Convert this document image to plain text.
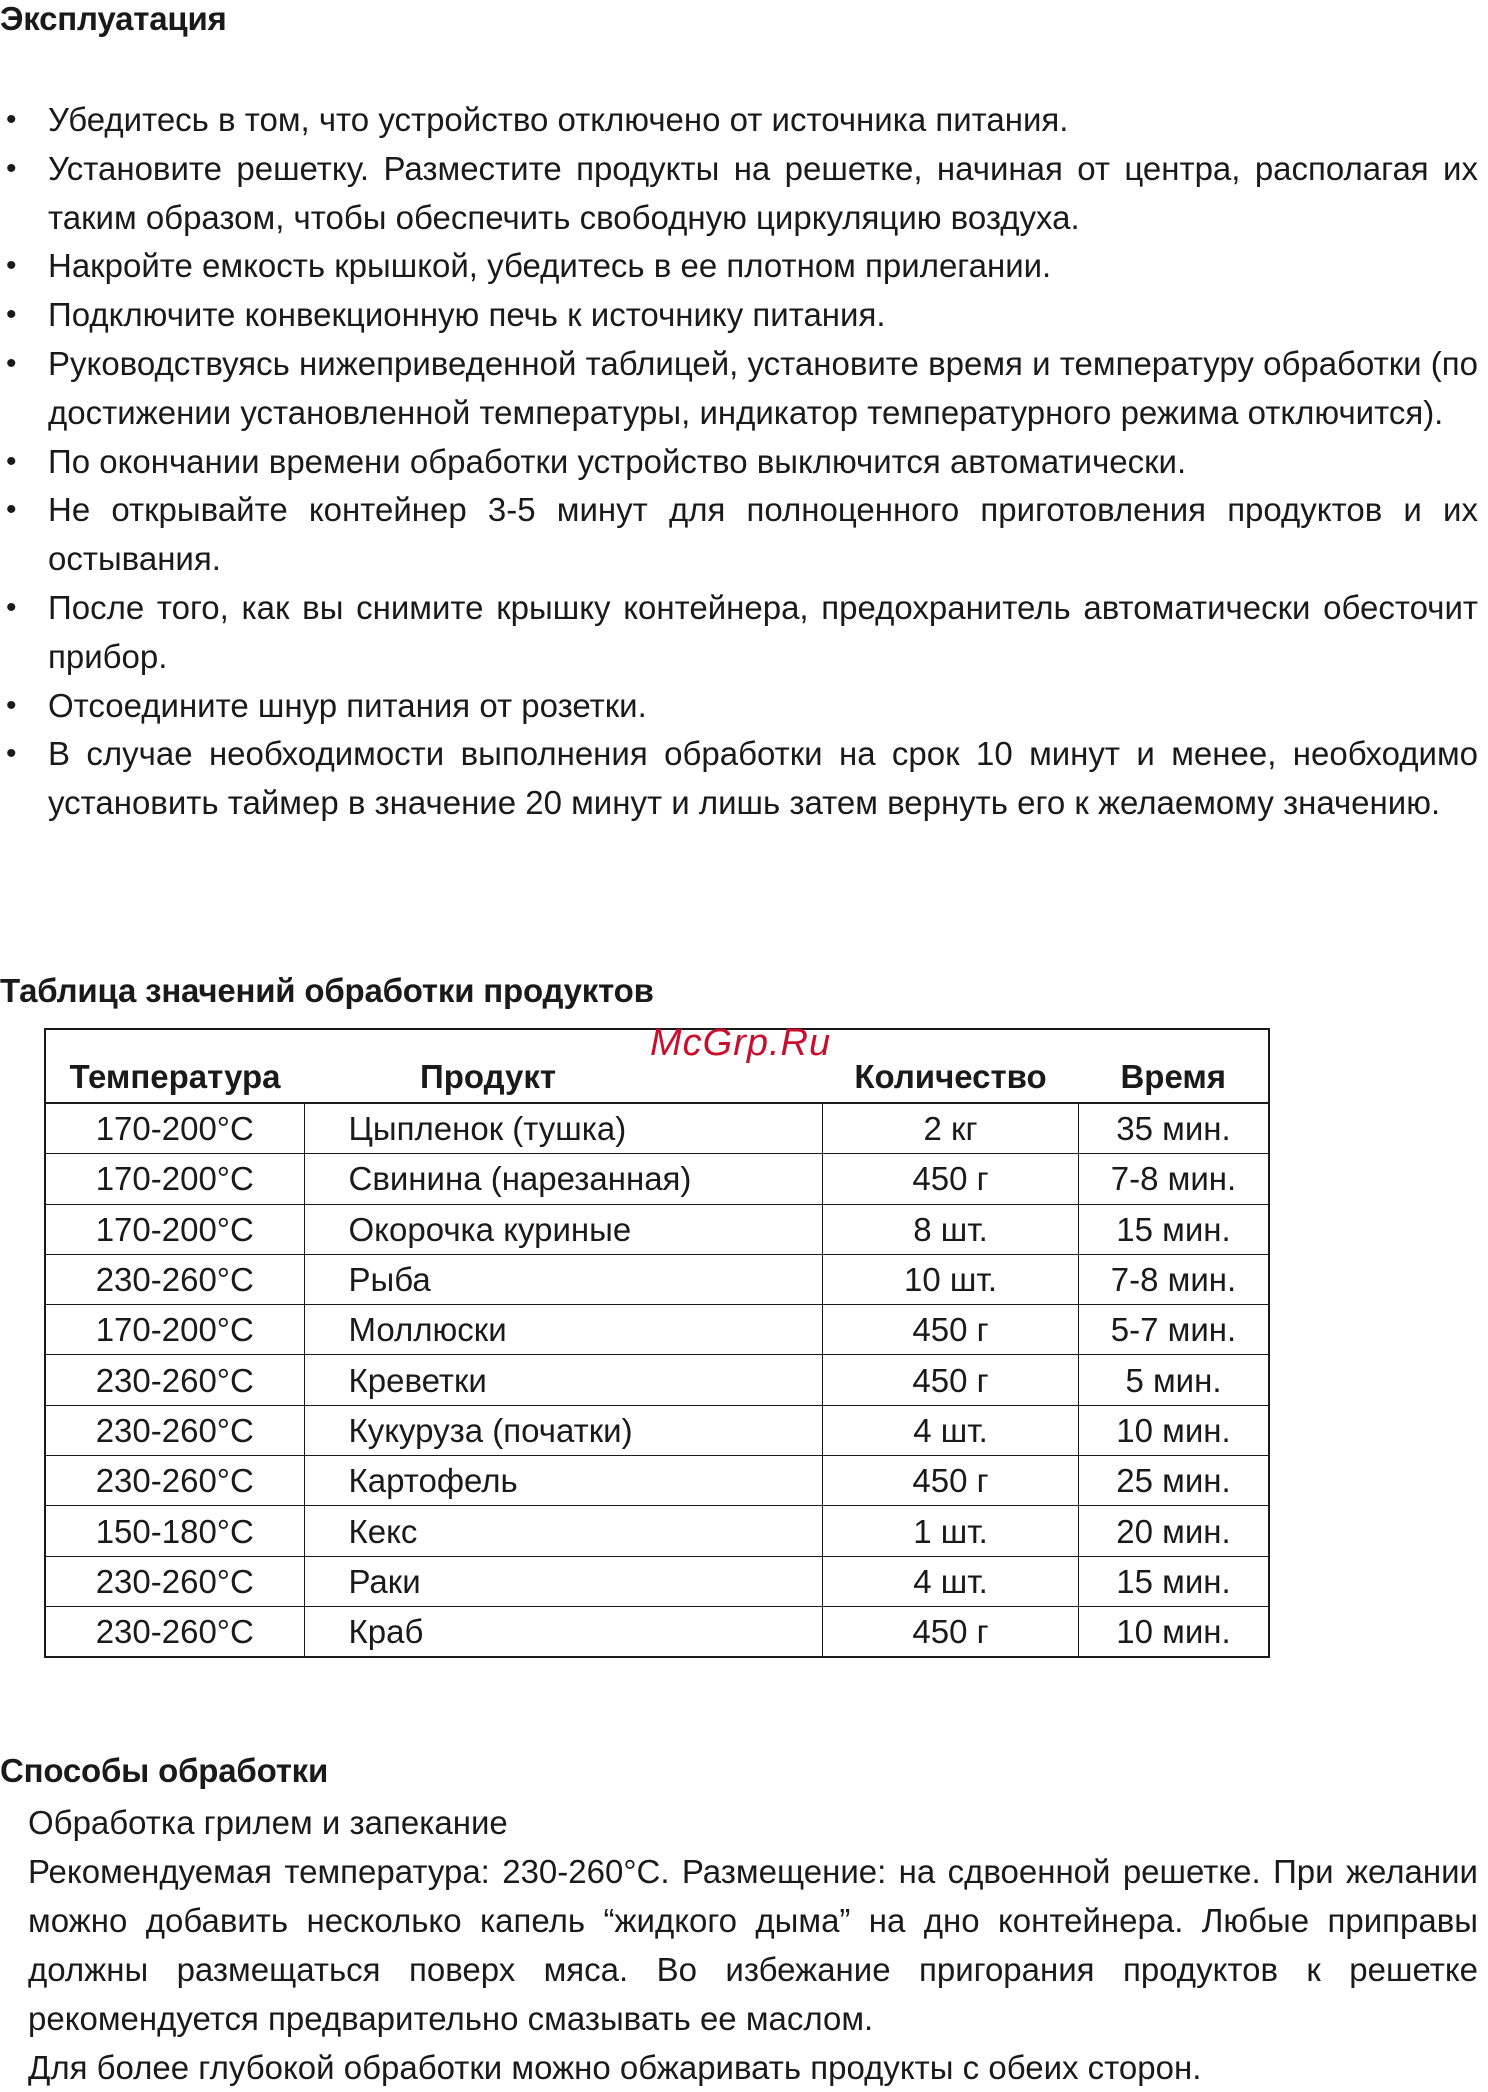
Эксплуатация
• Убедитесь в том, что устройство отключено от источника питания.
• Установите решетку. Разместите продукты на решетке, начиная от центра, располагая их таким образом, чтобы обеспечить свободную циркуляцию воздуха.
• Накройте емкость крышкой, убедитесь в ее плотном прилегании.
• Подключите конвекционную печь к источнику питания.
• Руководствуясь нижеприведенной таблицей, установите время и температуру обработки (по достижении установленной температуры, индикатор температурного режима отключится).
• По окончании времени обработки устройство выключится автоматически.
• Не открывайте контейнер 3-5 минут для полноценного приготовления продуктов и их остывания.
• После того, как вы снимите крышку контейнера, предохранитель автоматически обесточит прибор.
• Отсоедините шнур питания от розетки.
• В случае необходимости выполнения обработки на срок 10 минут и менее, необходимо установить таймер в значение 20 минут и лишь затем вернуть его к желаемому значению.
Таблица значений обработки продуктов
Температура	Продукт	Количество	Время
170-200°C	Цыпленок (тушка)	2 кг	35 мин.
170-200°C	Свинина (нарезанная)	450 г	7-8 мин.
170-200°C	Окорочка куриные	8 шт.	15 мин.
230-260°C	Рыба	10 шт.	7-8 мин.
170-200°C	Моллюски	450 г	5-7 мин.
230-260°C	Креветки	450 г	5 мин.
230-260°C	Кукуруза (початки)	4 шт.	10 мин.
230-260°C	Картофель	450 г	25 мин.
150-180°C	Кекс	1 шт.	20 мин.
230-260°C	Раки	4 шт.	15 мин.
230-260°C	Краб	450 г	10 мин.
McGrp.Ru
Способы обработки

Обработка грилем и запекание

Рекомендуемая температура: 230-260°C. Размещение: на сдвоенной решетке. При желании можно добавить несколько капель “жидкого дыма” на дно контейнера. Любые приправы должны размещаться поверх мяса. Во избежание пригорания продуктов к решетке рекомендуется предварительно смазывать ее маслом.

Для более глубокой обработки можно обжаривать продукты с обеих сторон.
